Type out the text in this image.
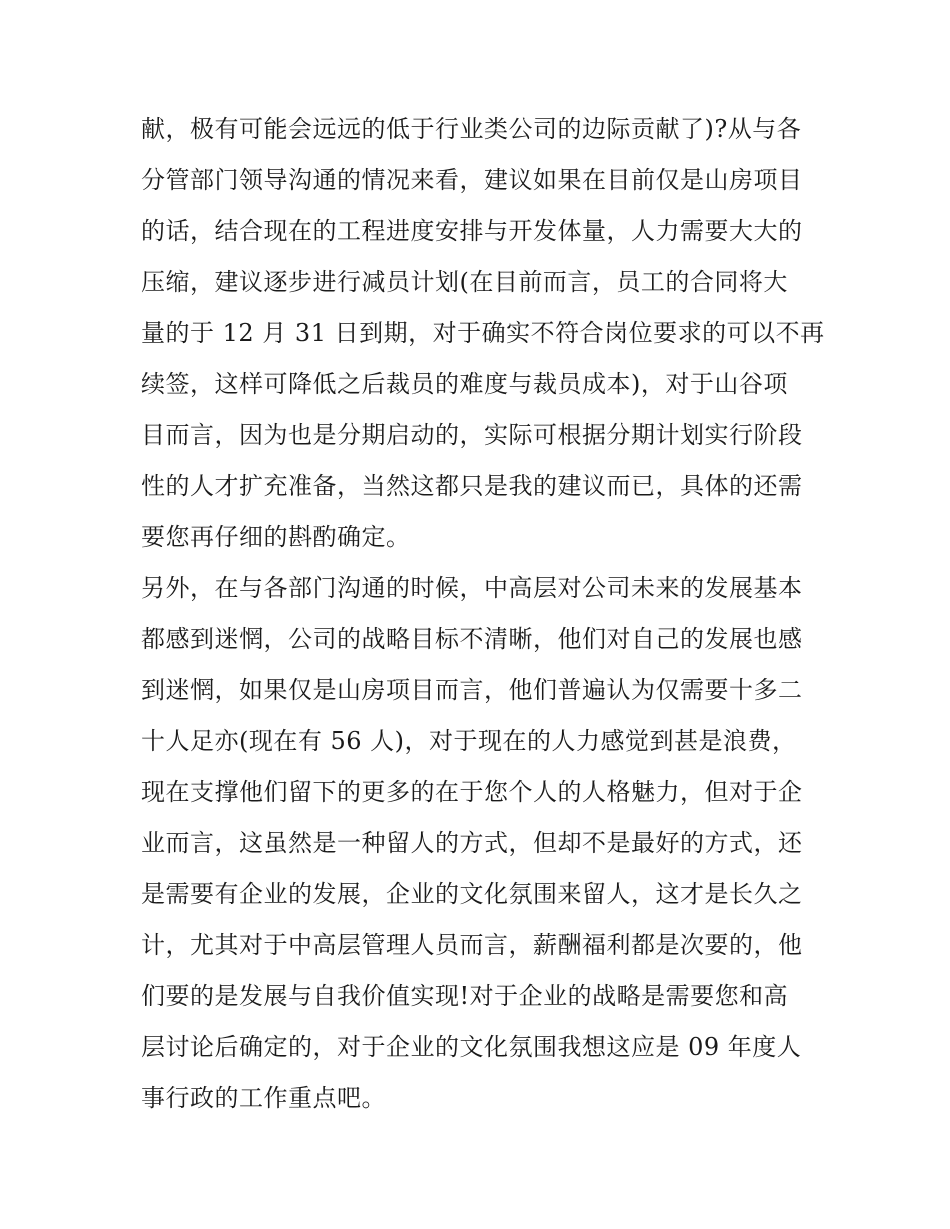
献，极有可能会远远的低于行业类公司的边际贡献了)?从与各
分管部门领导沟通的情况来看，建议如果在目前仅是山房项目
的话，结合现在的工程进度安排与开发体量，人力需要大大的
压缩，建议逐步进行减员计划(在目前而言，员工的合同将大
量的于 12 月 31 日到期，对于确实不符合岗位要求的可以不再
续签，这样可降低之后裁员的难度与裁员成本)，对于山谷项
目而言，因为也是分期启动的，实际可根据分期计划实行阶段
性的人才扩充准备，当然这都只是我的建议而已，具体的还需
要您再仔细的斟酌确定。
另外，在与各部门沟通的时候，中高层对公司未来的发展基本
都感到迷惘，公司的战略目标不清晰，他们对自己的发展也感
到迷惘，如果仅是山房项目而言，他们普遍认为仅需要十多二
十人足亦(现在有 56 人)，对于现在的人力感觉到甚是浪费，
现在支撑他们留下的更多的在于您个人的人格魅力，但对于企
业而言，这虽然是一种留人的方式，但却不是最好的方式，还
是需要有企业的发展，企业的文化氛围来留人，这才是长久之
计，尤其对于中高层管理人员而言，薪酬福利都是次要的，他
们要的是发展与自我价值实现!对于企业的战略是需要您和高
层讨论后确定的，对于企业的文化氛围我想这应是 09 年度人
事行政的工作重点吧。
